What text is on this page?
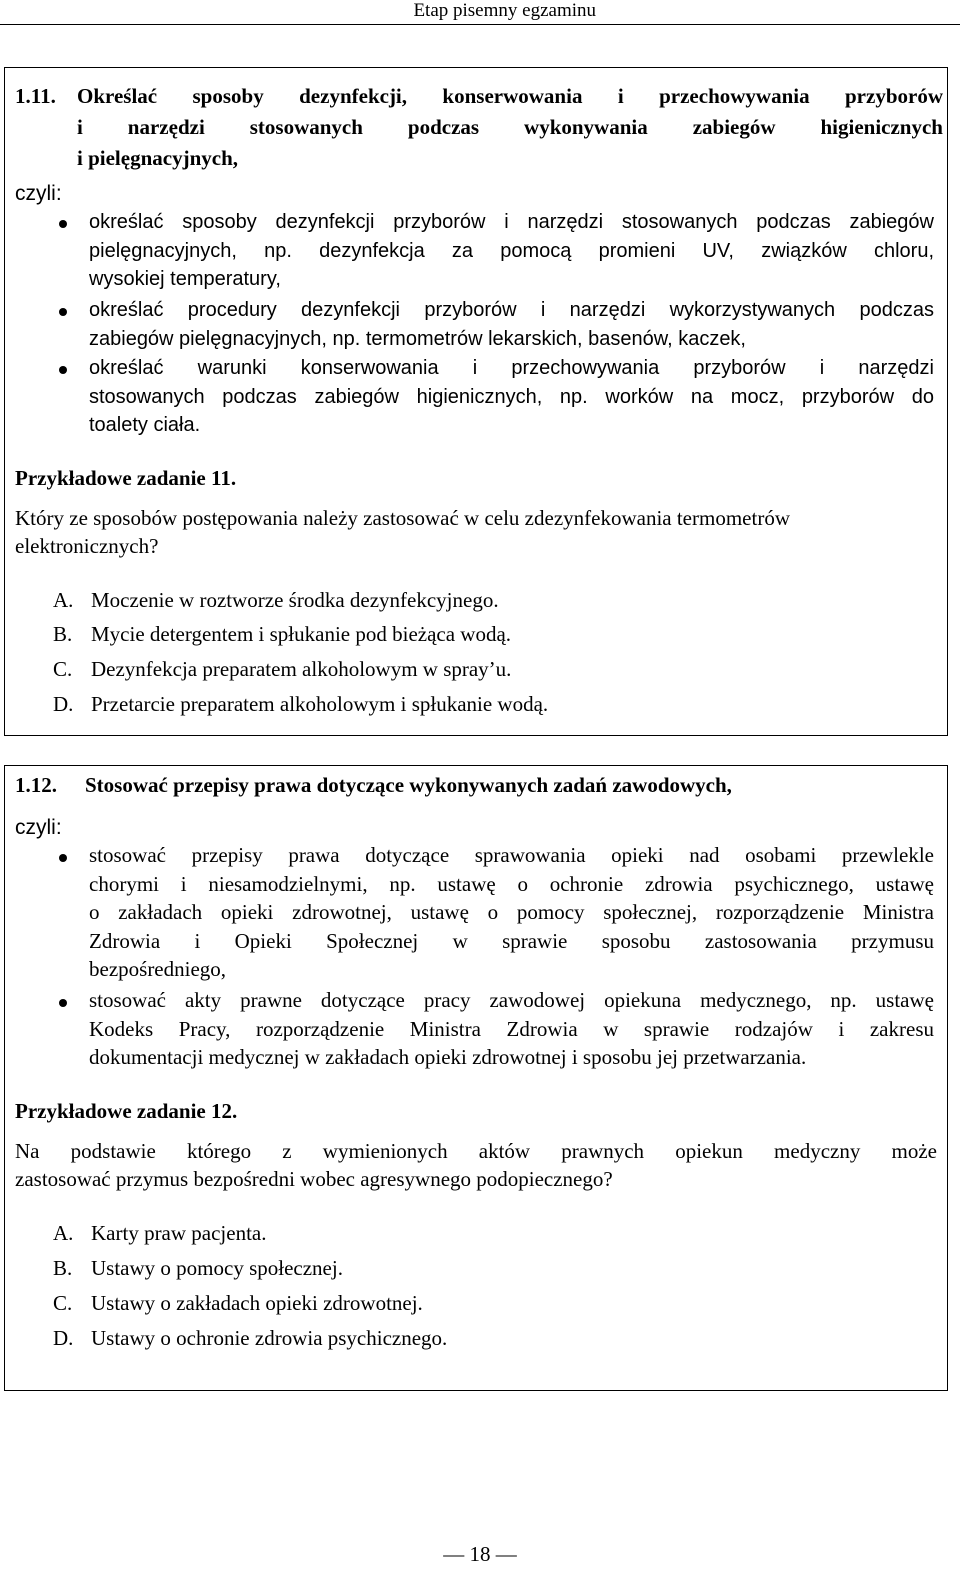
Etap pisemny egzaminu
1.11. Określać sposoby dezynfekcji, konserwowania i przechowywania przyborów
i narzędzi stosowanych podczas wykonywania zabiegów higienicznych
i pielęgnacyjnych,
czyli:
określać sposoby dezynfekcji przyborów i narzędzi stosowanych podczas zabiegów
pielęgnacyjnych, np. dezynfekcja za pomocą promieni UV, związków chloru,
wysokiej temperatury,
określać procedury dezynfekcji przyborów i narzędzi wykorzystywanych podczas
zabiegów pielęgnacyjnych, np. termometrów lekarskich, basenów, kaczek,
określać warunki konserwowania i przechowywania przyborów i narzędzi
stosowanych podczas zabiegów higienicznych, np. worków na mocz, przyborów do
toalety ciała.
Przykładowe zadanie 11.
Który ze sposobów postępowania należy zastosować w celu zdezynfekowania termometrów elektronicznych?
A. Moczenie w roztworze środka dezynfekcyjnego.
B. Mycie detergentem i spłukanie pod bieżąca wodą.
C. Dezynfekcja preparatem alkoholowym w spray’u.
D. Przetarcie preparatem alkoholowym i spłukanie wodą.
1.12. Stosować przepisy prawa dotyczące wykonywanych zadań zawodowych,
czyli:
stosować przepisy prawa dotyczące sprawowania opieki nad osobami przewlekle
chorymi i niesamodzielnymi, np. ustawę o ochronie zdrowia psychicznego, ustawę
o zakładach opieki zdrowotnej, ustawę o pomocy społecznej, rozporządzenie Ministra
Zdrowia i Opieki Społecznej w sprawie sposobu zastosowania przymusu
bezpośredniego,
stosować akty prawne dotyczące pracy zawodowej opiekuna medycznego, np. ustawę
Kodeks Pracy, rozporządzenie Ministra Zdrowia w sprawie rodzajów i zakresu
dokumentacji medycznej w zakładach opieki zdrowotnej i sposobu jej przetwarzania.
Przykładowe zadanie 12.
Na podstawie którego z wymienionych aktów prawnych opiekun medyczny może
zastosować przymus bezpośredni wobec agresywnego podopiecznego?
A. Karty praw pacjenta.
B. Ustawy o pomocy społecznej.
C. Ustawy o zakładach opieki zdrowotnej.
D. Ustawy o ochronie zdrowia psychicznego.
— 18 —
